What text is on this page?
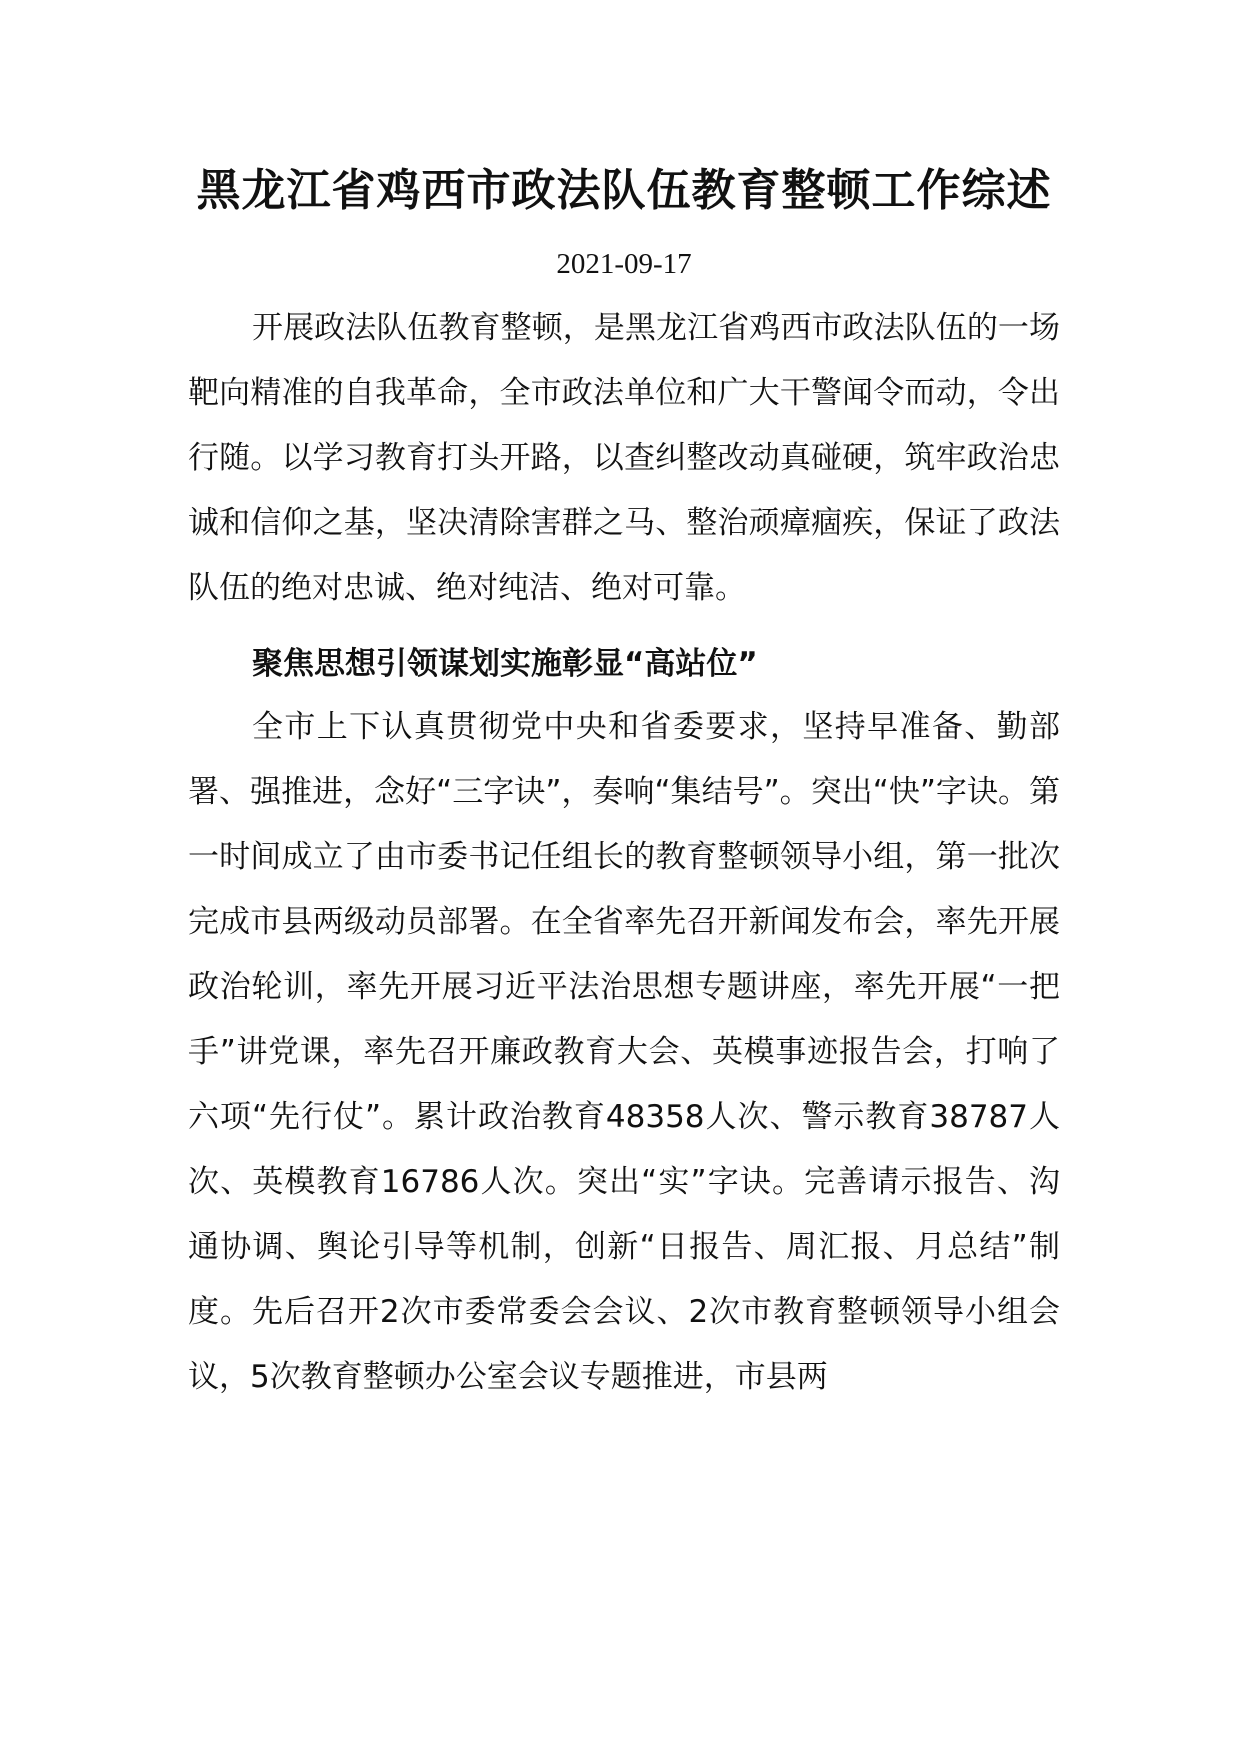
黑龙江省鸡西市政法队伍教育整顿工作综述
2021-09-17

开展政法队伍教育整顿，是黑龙江省鸡西市政法队伍的一场靶向精准的自我革命，全市政法单位和广大干警闻令而动，令出行随。以学习教育打头开路，以查纠整改动真碰硬，筑牢政治忠诚和信仰之基，坚决清除害群之马、整治顽瘴痼疾，保证了政法队伍的绝对忠诚、绝对纯洁、绝对可靠。

聚焦思想引领谋划实施彰显“高站位”

全市上下认真贯彻党中央和省委要求，坚持早准备、勤部署、强推进，念好“三字诀”，奏响“集结号”。突出“快”字诀。第一时间成立了由市委书记任组长的教育整顿领导小组，第一批次完成市县两级动员部署。在全省率先召开新闻发布会，率先开展政治轮训，率先开展习近平法治思想专题讲座，率先开展“一把手”讲党课，率先召开廉政教育大会、英模事迹报告会，打响了六项“先行仗”。累计政治教育48358人次、警示教育38787人次、英模教育16786人次。突出“实”字诀。完善请示报告、沟通协调、舆论引导等机制，创新“日报告、周汇报、月总结”制度。先后召开2次市委常委会会议、2次市教育整顿领导小组会议，5次教育整顿办公室会议专题推进，市县两
